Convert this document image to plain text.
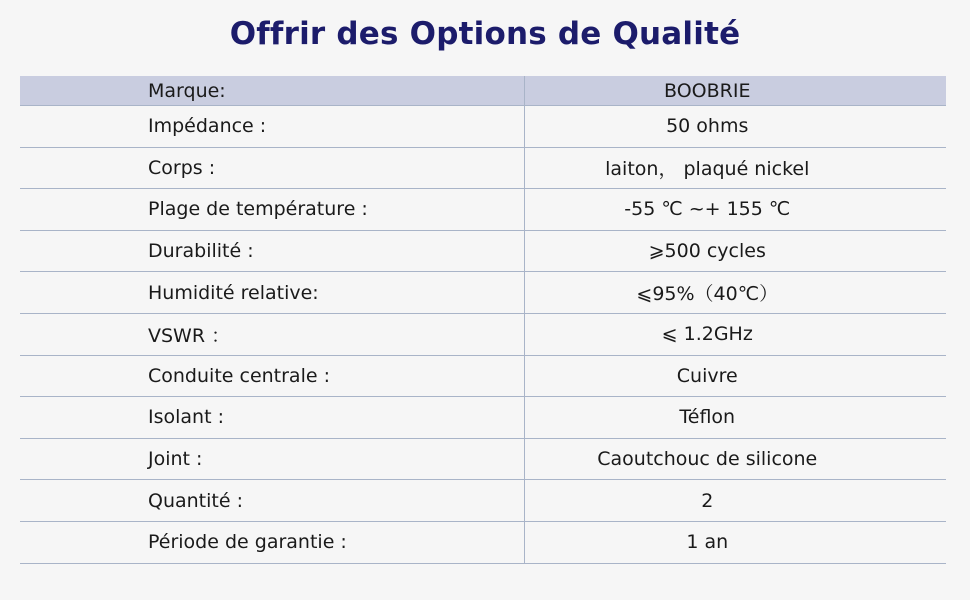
Offrir des Options de Qualité
Marque:	BOOBRIE
Impédance :	50 ohms
Corps :	laiton， plaqué nickel
Plage de température :	-55 ℃ ~+ 155 ℃
Durabilité :	⩾500 cycles
Humidité relative:	⩽95%（40℃）
VSWR ：	⩽ 1.2GHz
Conduite centrale :	Cuivre
Isolant :	Téflon
Joint :	Caoutchouc de silicone
Quantité :	2
Période de garantie :	1 an
